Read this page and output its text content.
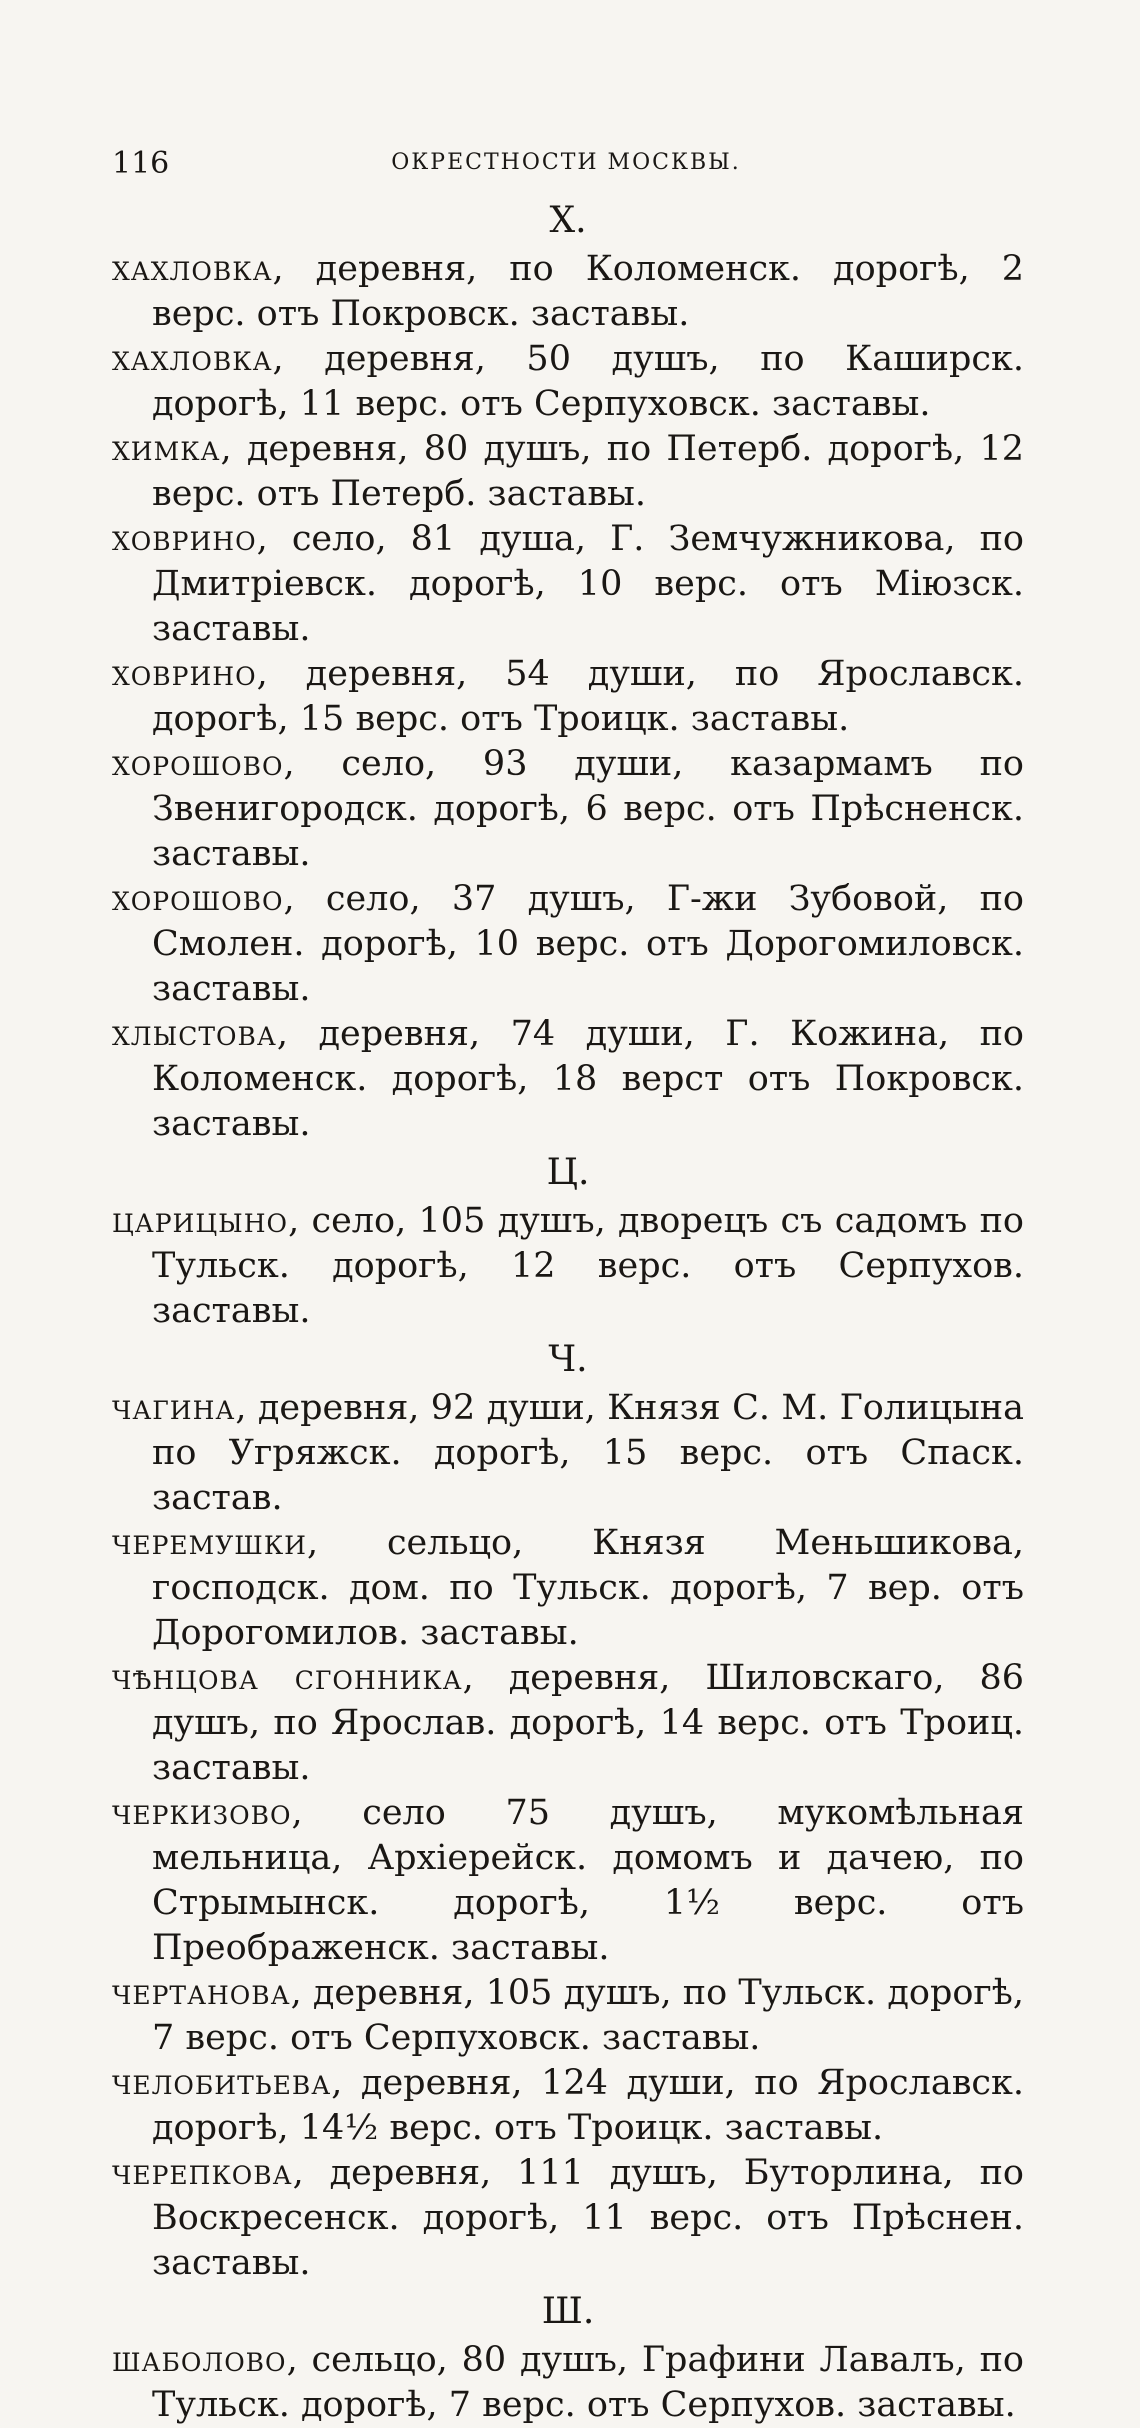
116	ОКРЕСТНОСТИ МОСКВЫ.
Х.

хахловка, деревня, по Коломенск. дорогѣ, 2 верс. отъ Покровск. заставы.

хахловка, деревня, 50 душъ, по Каширск. дорогѣ, 11 верс. отъ Серпуховск. заставы.

химка, деревня, 80 душъ, по Петерб. дорогѣ, 12 верс. отъ Петерб. заставы.

ховрино, село, 81 душа, Г. Земчужникова, по Дмитріевск. дорогѣ, 10 верс. отъ Міюзск. заставы.

ховрино, деревня, 54 души, по Ярославск. дорогѣ, 15 верс. отъ Троицк. заставы.

хорошово, село, 93 души, казармамъ по Звенигородск. дорогѣ, 6 верс. отъ Прѣсненск. заставы.

хорошово, село, 37 душъ, Г-жи Зубовой, по Смолен. дорогѣ, 10 верс. отъ Дорогомиловск. заставы.

хлыстова, деревня, 74 души, Г. Кожина, по Коломенск. дорогѣ, 18 верст отъ Покровск. заставы.

Ц.

царицыно, село, 105 душъ, дворецъ съ садомъ по Тульск. дорогѣ, 12 верс. отъ Серпухов. заставы.

Ч.

чагина, деревня, 92 души, Князя С. М. Голицына по Угряжск. дорогѣ, 15 верс. отъ Спаск. застав.

черемушки, сельцо, Князя Меньшикова, господск. дом. по Тульск. дорогѣ, 7 вер. отъ Дорогомилов. заставы.

чѣнцова сгонника, деревня, Шиловскаго, 86 душъ, по Ярослав. дорогѣ, 14 верс. отъ Троиц. заставы.

черкизово, село 75 душъ, мукомѣльная мельница, Архіерейск. домомъ и дачею, по Стрымынск. дорогѣ, 1½ верс. отъ Преображенск. заставы.

чертанова, деревня, 105 душъ, по Тульск. дорогѣ, 7 верс. отъ Серпуховск. заставы.

челобитьева, деревня, 124 души, по Ярославск. дорогѣ, 14½ верс. отъ Троицк. заставы.

черепкова, деревня, 111 душъ, Буторлина, по Воскресенск. дорогѣ, 11 верс. отъ Прѣснен. заставы.

Ш.

шаболово, сельцо, 80 душъ, Графини Лавалъ, по Тульск. дорогѣ, 7 верс. отъ Серпухов. заставы.
